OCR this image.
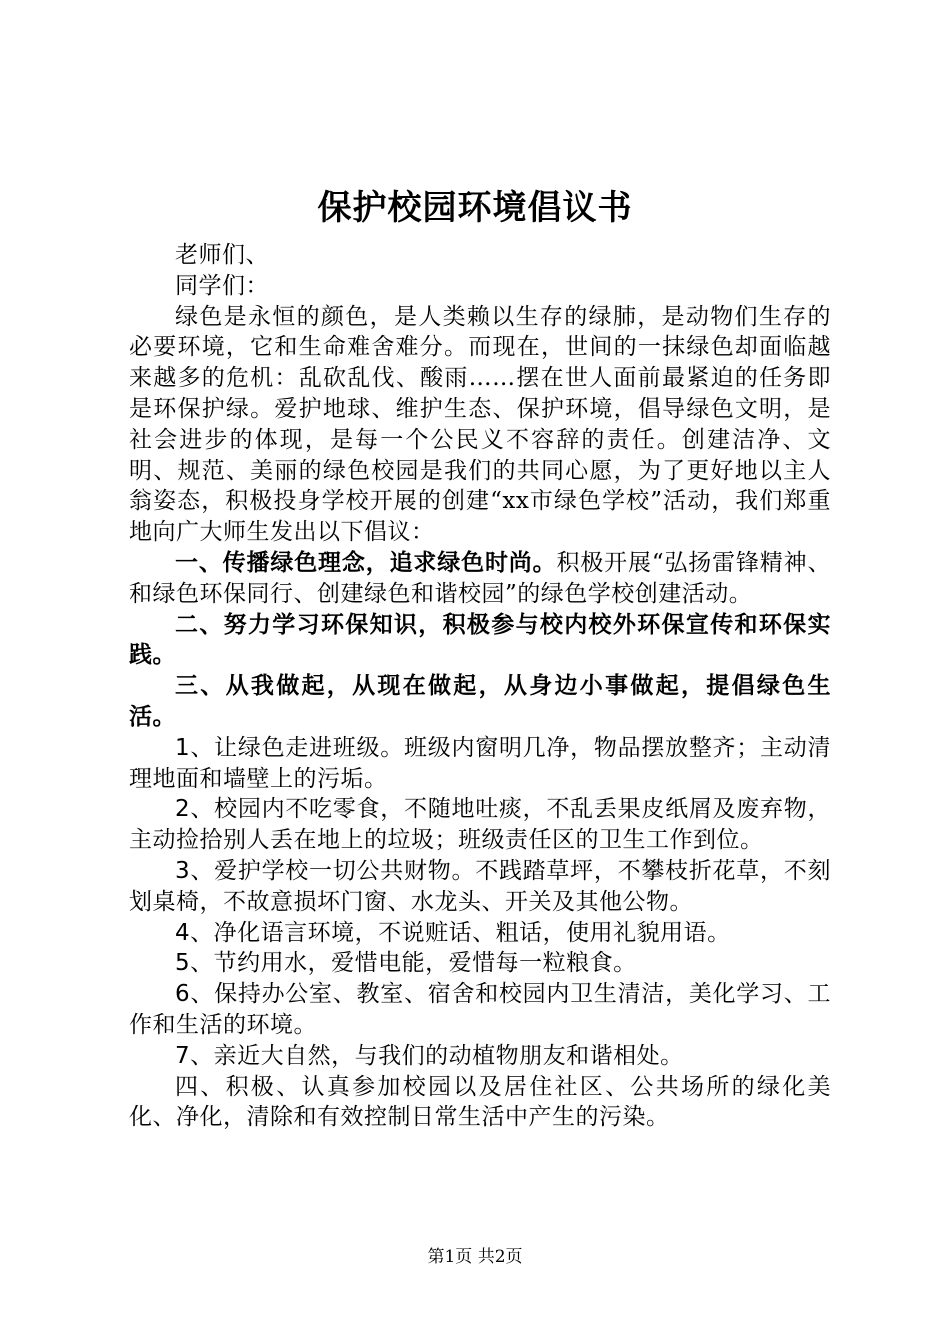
保护校园环境倡议书

老师们、

同学们：

绿色是永恒的颜色，是人类赖以生存的绿肺，是动物们生存的必要环境，它和生命难舍难分。而现在，世间的一抹绿色却面临越来越多的危机：乱砍乱伐、酸雨……摆在世人面前最紧迫的任务即是环保护绿。爱护地球、维护生态、保护环境，倡导绿色文明，是社会进步的体现，是每一个公民义不容辞的责任。创建洁净、文明、规范、美丽的绿色校园是我们的共同心愿，为了更好地以主人翁姿态，积极投身学校开展的创建“xx市绿色学校”活动，我们郑重地向广大师生发出以下倡议：

一、传播绿色理念，追求绿色时尚。积极开展“弘扬雷锋精神、和绿色环保同行、创建绿色和谐校园”的绿色学校创建活动。

二、努力学习环保知识，积极参与校内校外环保宣传和环保实践。

三、从我做起，从现在做起，从身边小事做起，提倡绿色生活。

1、让绿色走进班级。班级内窗明几净，物品摆放整齐；主动清理地面和墙壁上的污垢。

2、校园内不吃零食，不随地吐痰，不乱丢果皮纸屑及废弃物，主动捡拾别人丢在地上的垃圾；班级责任区的卫生工作到位。

3、爱护学校一切公共财物。不践踏草坪，不攀枝折花草，不刻划桌椅，不故意损坏门窗、水龙头、开关及其他公物。

4、净化语言环境，不说赃话、粗话，使用礼貌用语。

5、节约用水，爱惜电能，爱惜每一粒粮食。

6、保持办公室、教室、宿舍和校园内卫生清洁，美化学习、工作和生活的环境。

7、亲近大自然，与我们的动植物朋友和谐相处。

四、积极、认真参加校园以及居住社区、公共场所的绿化美化、净化，清除和有效控制日常生活中产生的污染。

第1页 共2页
